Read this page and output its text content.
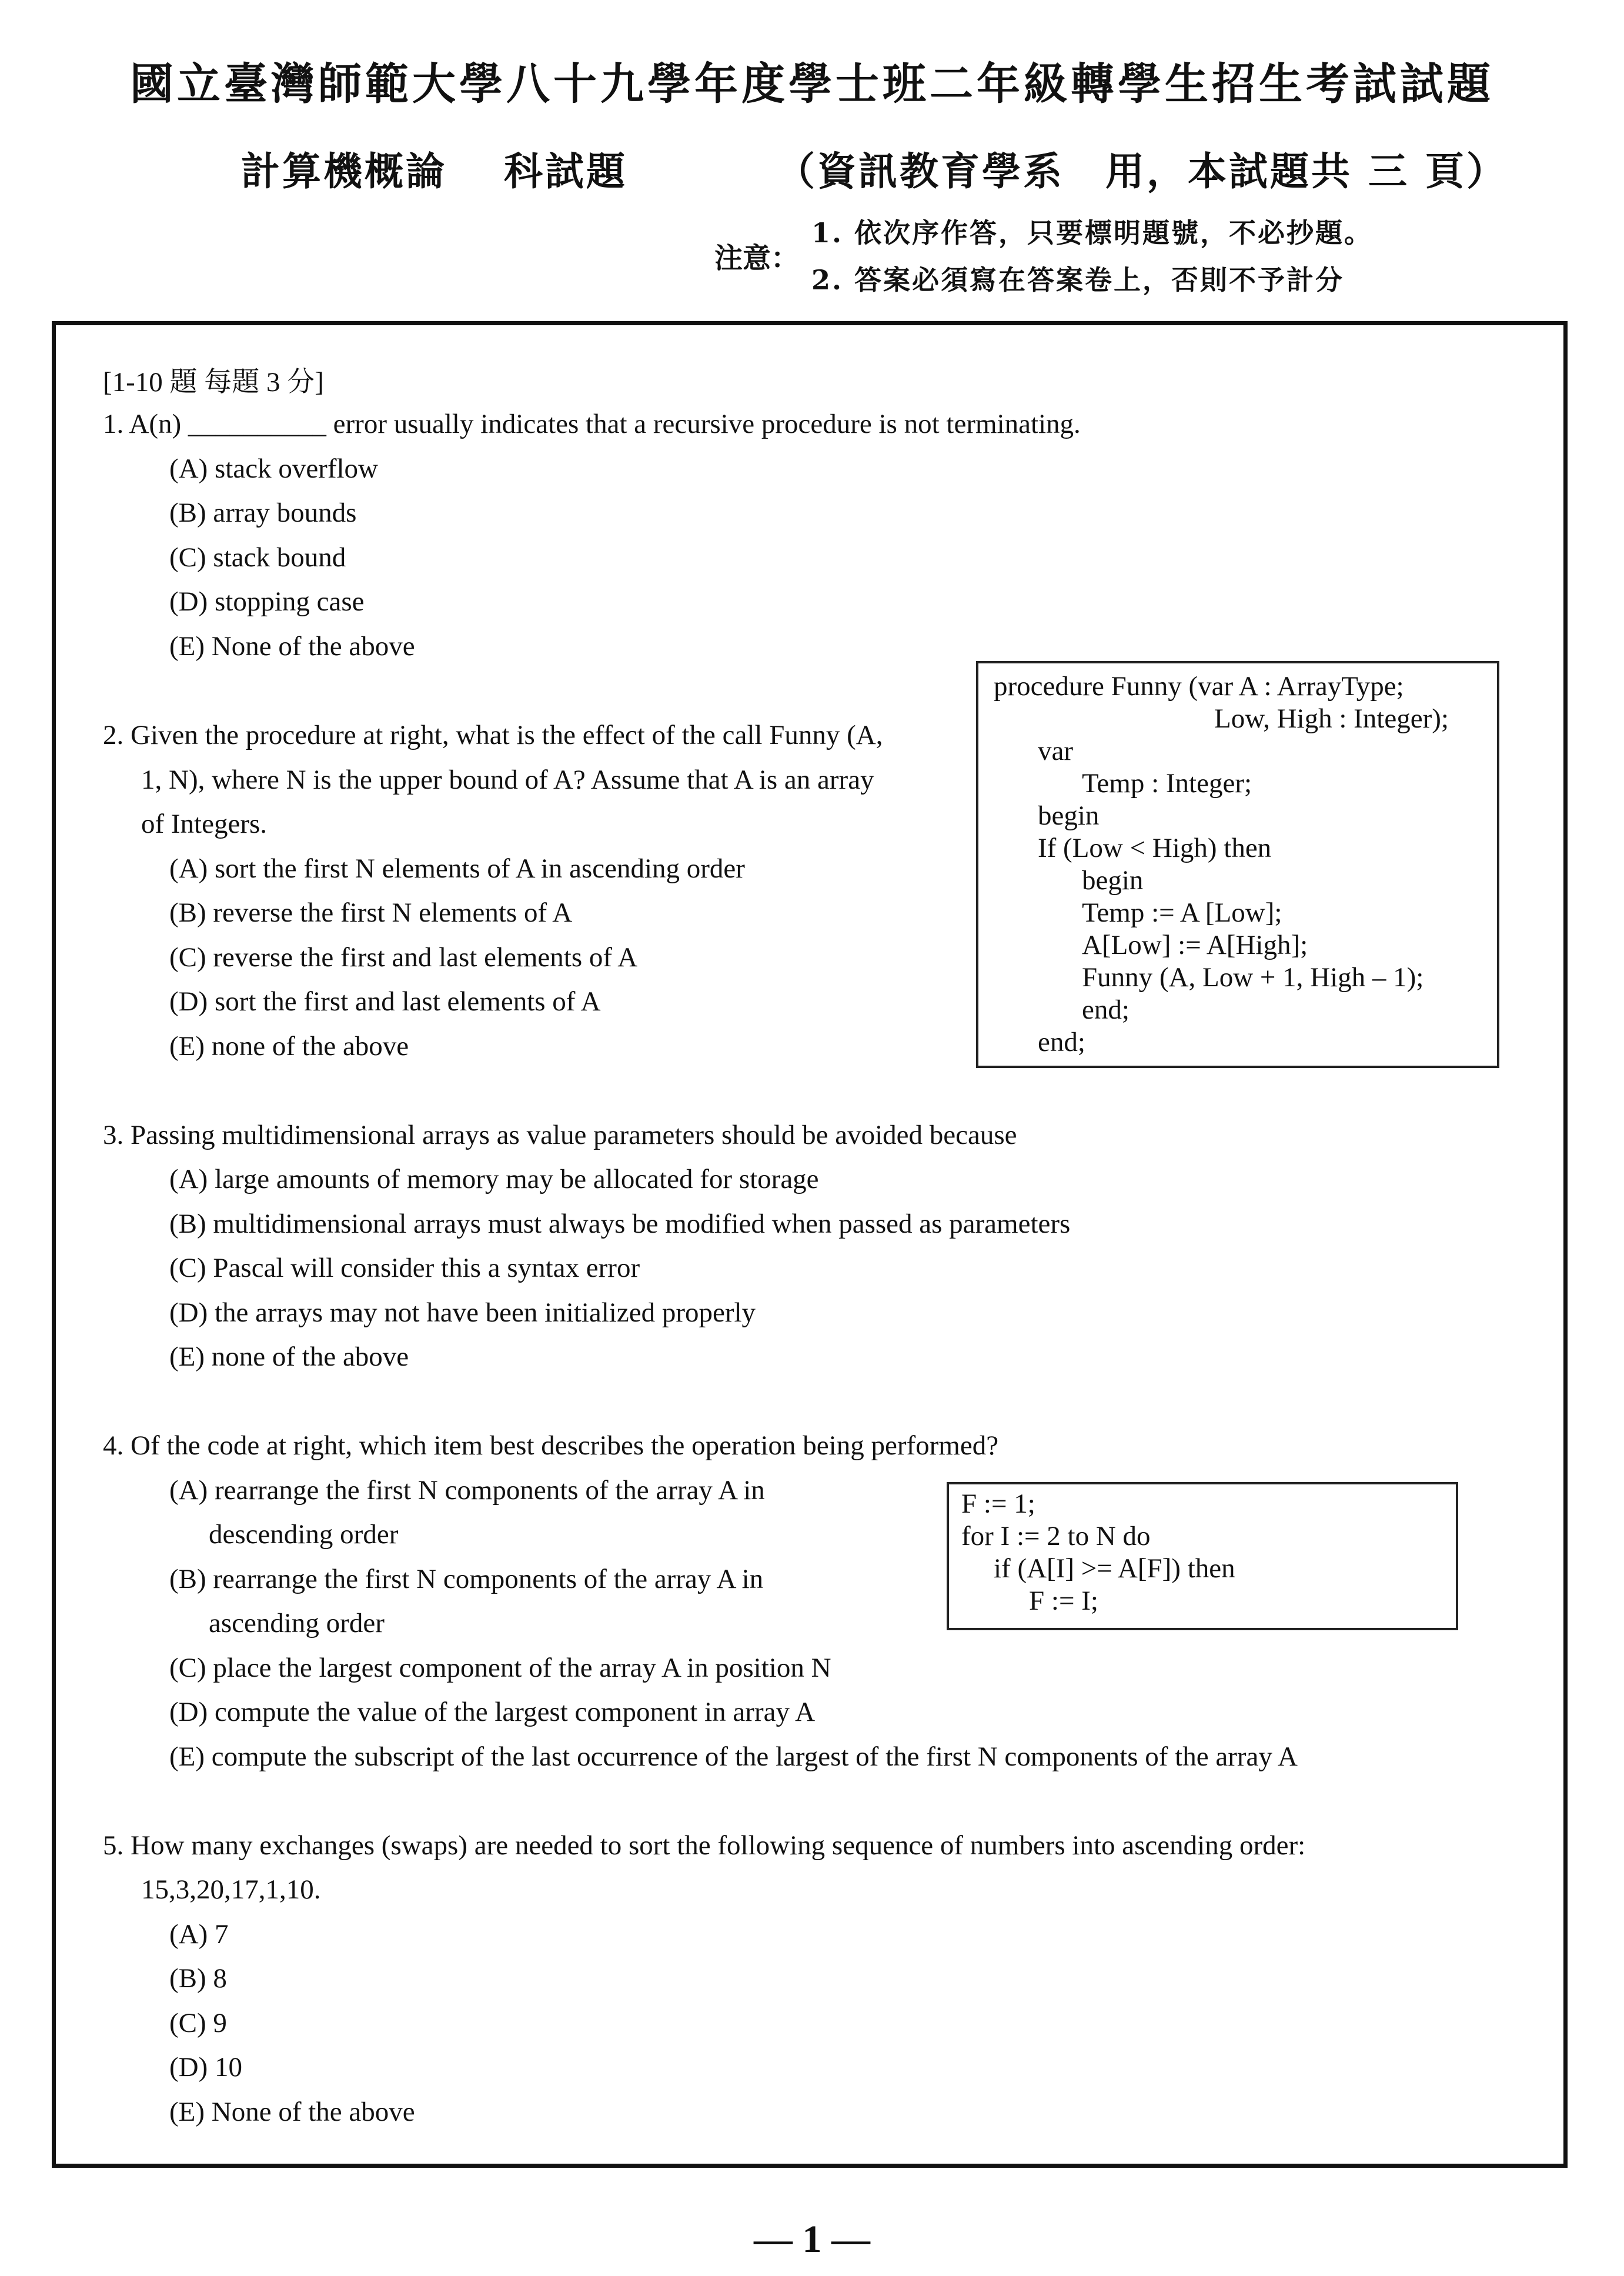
國立臺灣師範大學八十九學年度學士班二年級轉學生招生考試試題
計算機概論　 科試題	（資訊教育學系　用，本試題共 三 頁）
注意：
1. 依次序作答，只要標明題號，不必抄題。
2. 答案必須寫在答案卷上，否則不予計分
[1-10 題 每題 3 分]
1. A(n) __________ error usually indicates that a recursive procedure is not terminating.
(A) stack overflow
(B) array bounds
(C) stack bound
(D) stopping case
(E) None of the above
2. Given the procedure at right, what is the effect of the call Funny (A,
1, N), where N is the upper bound of A? Assume that A is an array
of Integers.
(A) sort the first N elements of A in ascending order
(B) reverse the first N elements of A
(C) reverse the first and last elements of A
(D) sort the first and last elements of A
(E) none of the above
procedure Funny (var A : ArrayType;
Low, High : Integer);
var
Temp : Integer;
begin
If (Low < High) then
begin
Temp := A [Low];
A[Low] := A[High];
Funny (A, Low + 1, High – 1);
end;
end;
3. Passing multidimensional arrays as value parameters should be avoided because
(A) large amounts of memory may be allocated for storage
(B) multidimensional arrays must always be modified when passed as parameters
(C) Pascal will consider this a syntax error
(D) the arrays may not have been initialized properly
(E) none of the above
4. Of the code at right, which item best describes the operation being performed?
(A) rearrange the first N components of the array A in
descending order
(B) rearrange the first N components of the array A in
ascending order
(C) place the largest component of the array A in position N
(D) compute the value of the largest component in array A
(E) compute the subscript of the last occurrence of the largest of the first N components of the array A
F := 1;
for I := 2 to N do
if (A[I] >= A[F]) then
F := I;
5. How many exchanges (swaps) are needed to sort the following sequence of numbers into ascending order:
15,3,20,17,1,10.
(A) 7
(B) 8
(C) 9
(D) 10
(E) None of the above
— 1 —
